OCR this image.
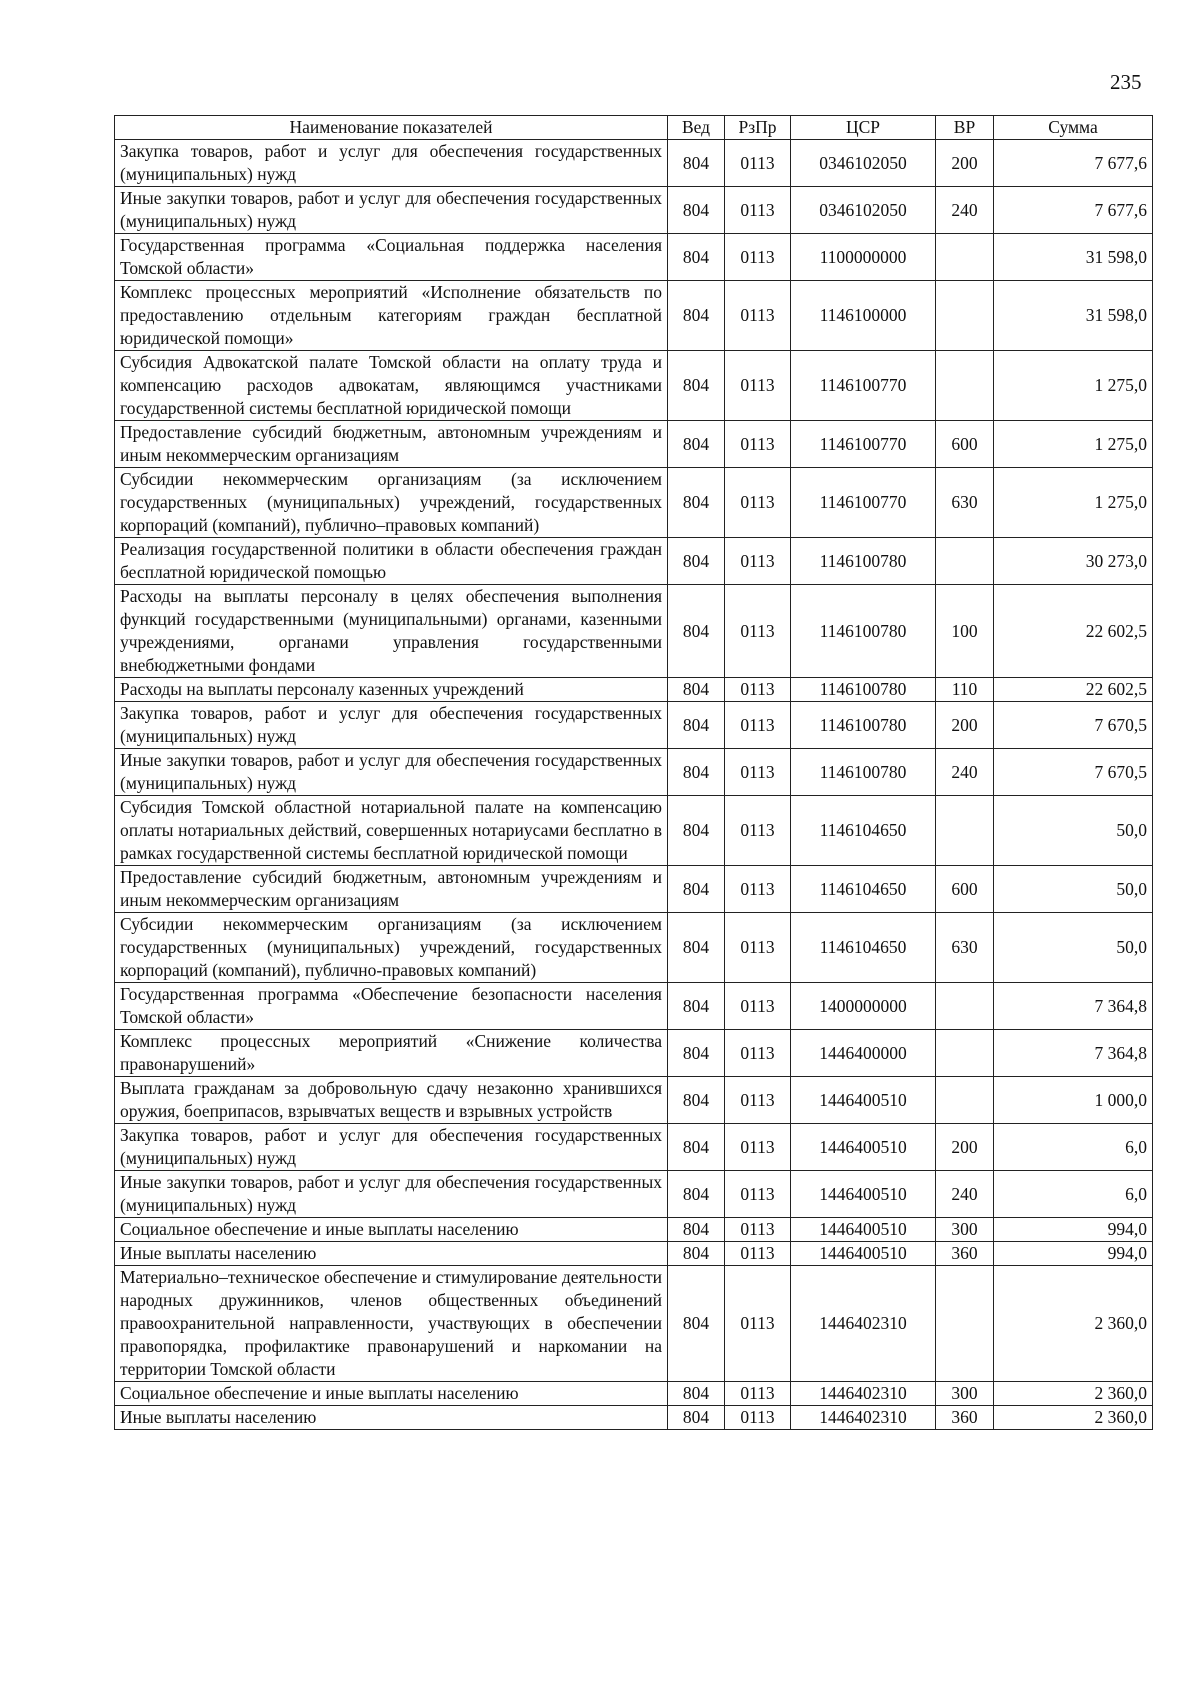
235
Наименование показателей	Вед	РзПр	ЦСР	ВР	Сумма
Закупка товаров, работ и услуг для обеспечения государственных (муниципальных) нужд	804	0113	0346102050	200	7 677,6
Иные закупки товаров, работ и услуг для обеспечения государственных (муниципальных) нужд	804	0113	0346102050	240	7 677,6
Государственная программа «Социальная поддержка населения Томской области»	804	0113	1100000000		31 598,0
Комплекс процессных мероприятий «Исполнение обязательств по предоставлению отдельным категориям граждан бесплатной юридической помощи»	804	0113	1146100000		31 598,0
Субсидия Адвокатской палате Томской области на оплату труда и компенсацию расходов адвокатам, являющимся участниками государственной системы бесплатной юридической помощи	804	0113	1146100770		1 275,0
Предоставление субсидий бюджетным, автономным учреждениям и иным некоммерческим организациям	804	0113	1146100770	600	1 275,0
Субсидии некоммерческим организациям (за исключением государственных (муниципальных) учреждений, государственных корпораций (компаний), публично–правовых компаний)	804	0113	1146100770	630	1 275,0
Реализация государственной политики в области обеспечения граждан бесплатной юридической помощью	804	0113	1146100780		30 273,0
Расходы на выплаты персоналу в целях обеспечения выполнения функций государственными (муниципальными) органами, казенными учреждениями, органами управления государственными внебюджетными фондами	804	0113	1146100780	100	22 602,5
Расходы на выплаты персоналу казенных учреждений	804	0113	1146100780	110	22 602,5
Закупка товаров, работ и услуг для обеспечения государственных (муниципальных) нужд	804	0113	1146100780	200	7 670,5
Иные закупки товаров, работ и услуг для обеспечения государственных (муниципальных) нужд	804	0113	1146100780	240	7 670,5
Субсидия Томской областной нотариальной палате на компенсацию оплаты нотариальных действий, совершенных нотариусами бесплатно в рамках государственной системы бесплатной юридической помощи	804	0113	1146104650		50,0
Предоставление субсидий бюджетным, автономным учреждениям и иным некоммерческим организациям	804	0113	1146104650	600	50,0
Субсидии некоммерческим организациям (за исключением государственных (муниципальных) учреждений, государственных корпораций (компаний), публично-правовых компаний)	804	0113	1146104650	630	50,0
Государственная программа «Обеспечение безопасности населения Томской области»	804	0113	1400000000		7 364,8
Комплекс процессных мероприятий «Снижение количества правонарушений»	804	0113	1446400000		7 364,8
Выплата гражданам за добровольную сдачу незаконно хранившихся оружия, боеприпасов, взрывчатых веществ и взрывных устройств	804	0113	1446400510		1 000,0
Закупка товаров, работ и услуг для обеспечения государственных (муниципальных) нужд	804	0113	1446400510	200	6,0
Иные закупки товаров, работ и услуг для обеспечения государственных (муниципальных) нужд	804	0113	1446400510	240	6,0
Социальное обеспечение и иные выплаты населению	804	0113	1446400510	300	994,0
Иные выплаты населению	804	0113	1446400510	360	994,0
Материально–техническое обеспечение и стимулирование деятельности народных дружинников, членов общественных объединений правоохранительной направленности, участвующих в обеспечении правопорядка, профилактике правонарушений и наркомании на территории Томской области	804	0113	1446402310		2 360,0
Социальное обеспечение и иные выплаты населению	804	0113	1446402310	300	2 360,0
Иные выплаты населению	804	0113	1446402310	360	2 360,0
